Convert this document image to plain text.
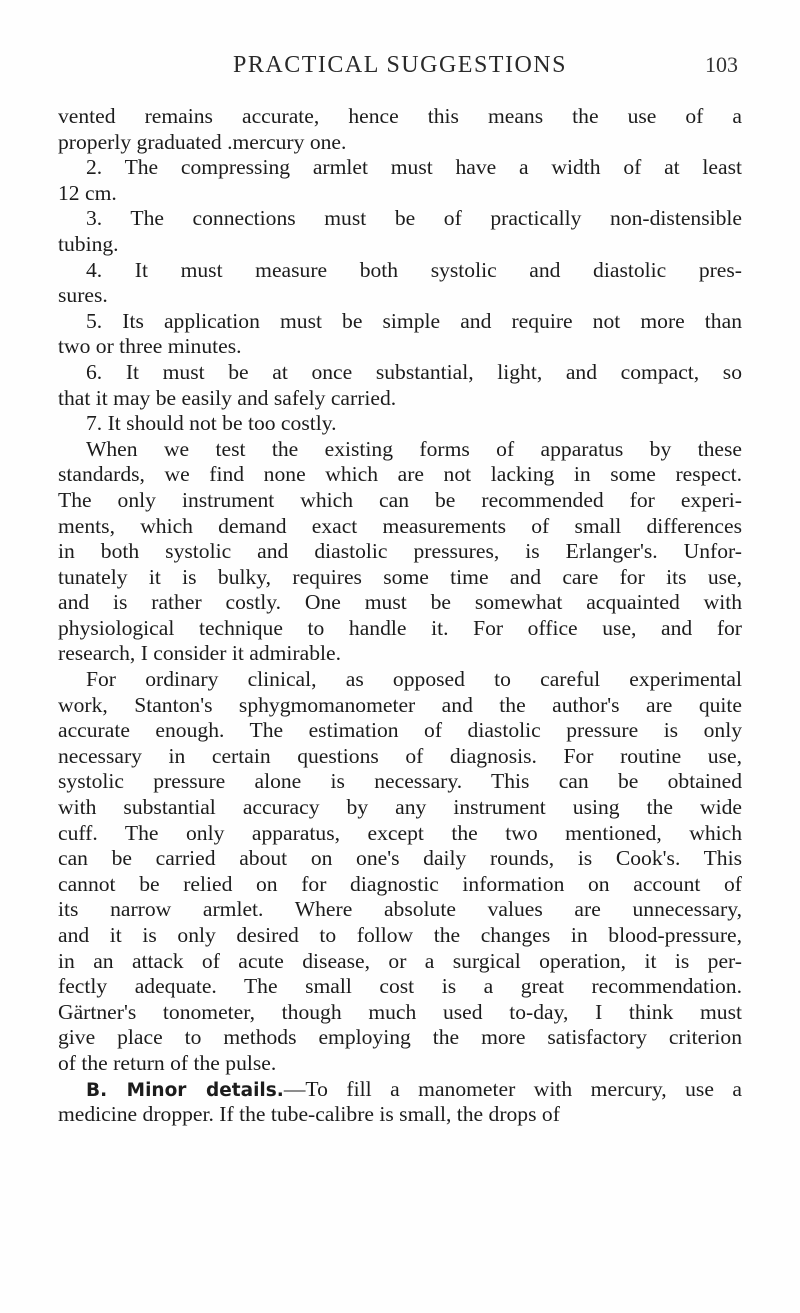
PRACTICAL SUGGESTIONS	103
vented remains accurate, hence this means the use of a
properly graduated .mercury one.
2. The compressing armlet must have a width of at least
12 cm.
3. The connections must be of practically non-distensible
tubing.
4. It must measure both systolic and diastolic pres-
sures.
5. Its application must be simple and require not more than
two or three minutes.
6. It must be at once substantial, light, and compact, so
that it may be easily and safely carried.
7. It should not be too costly.
When we test the existing forms of apparatus by these
standards, we find none which are not lacking in some respect.
The only instrument which can be recommended for experi-
ments, which demand exact measurements of small differences
in both systolic and diastolic pressures, is Erlanger's. Unfor-
tunately it is bulky, requires some time and care for its use,
and is rather costly. One must be somewhat acquainted with
physiological technique to handle it. For office use, and for
research, I consider it admirable.
For ordinary clinical, as opposed to careful experimental
work, Stanton's sphygmomanometer and the author's are quite
accurate enough. The estimation of diastolic pressure is only
necessary in certain questions of diagnosis. For routine use,
systolic pressure alone is necessary. This can be obtained
with substantial accuracy by any instrument using the wide
cuff. The only apparatus, except the two mentioned, which
can be carried about on one's daily rounds, is Cook's. This
cannot be relied on for diagnostic information on account of
its narrow armlet. Where absolute values are unnecessary,
and it is only desired to follow the changes in blood-pressure,
in an attack of acute disease, or a surgical operation, it is per-
fectly adequate. The small cost is a great recommendation.
Gärtner's tonometer, though much used to-day, I think must
give place to methods employing the more satisfactory criterion
of the return of the pulse.
B. Minor details.—To fill a manometer with mercury, use a
medicine dropper. If the tube-calibre is small, the drops of
